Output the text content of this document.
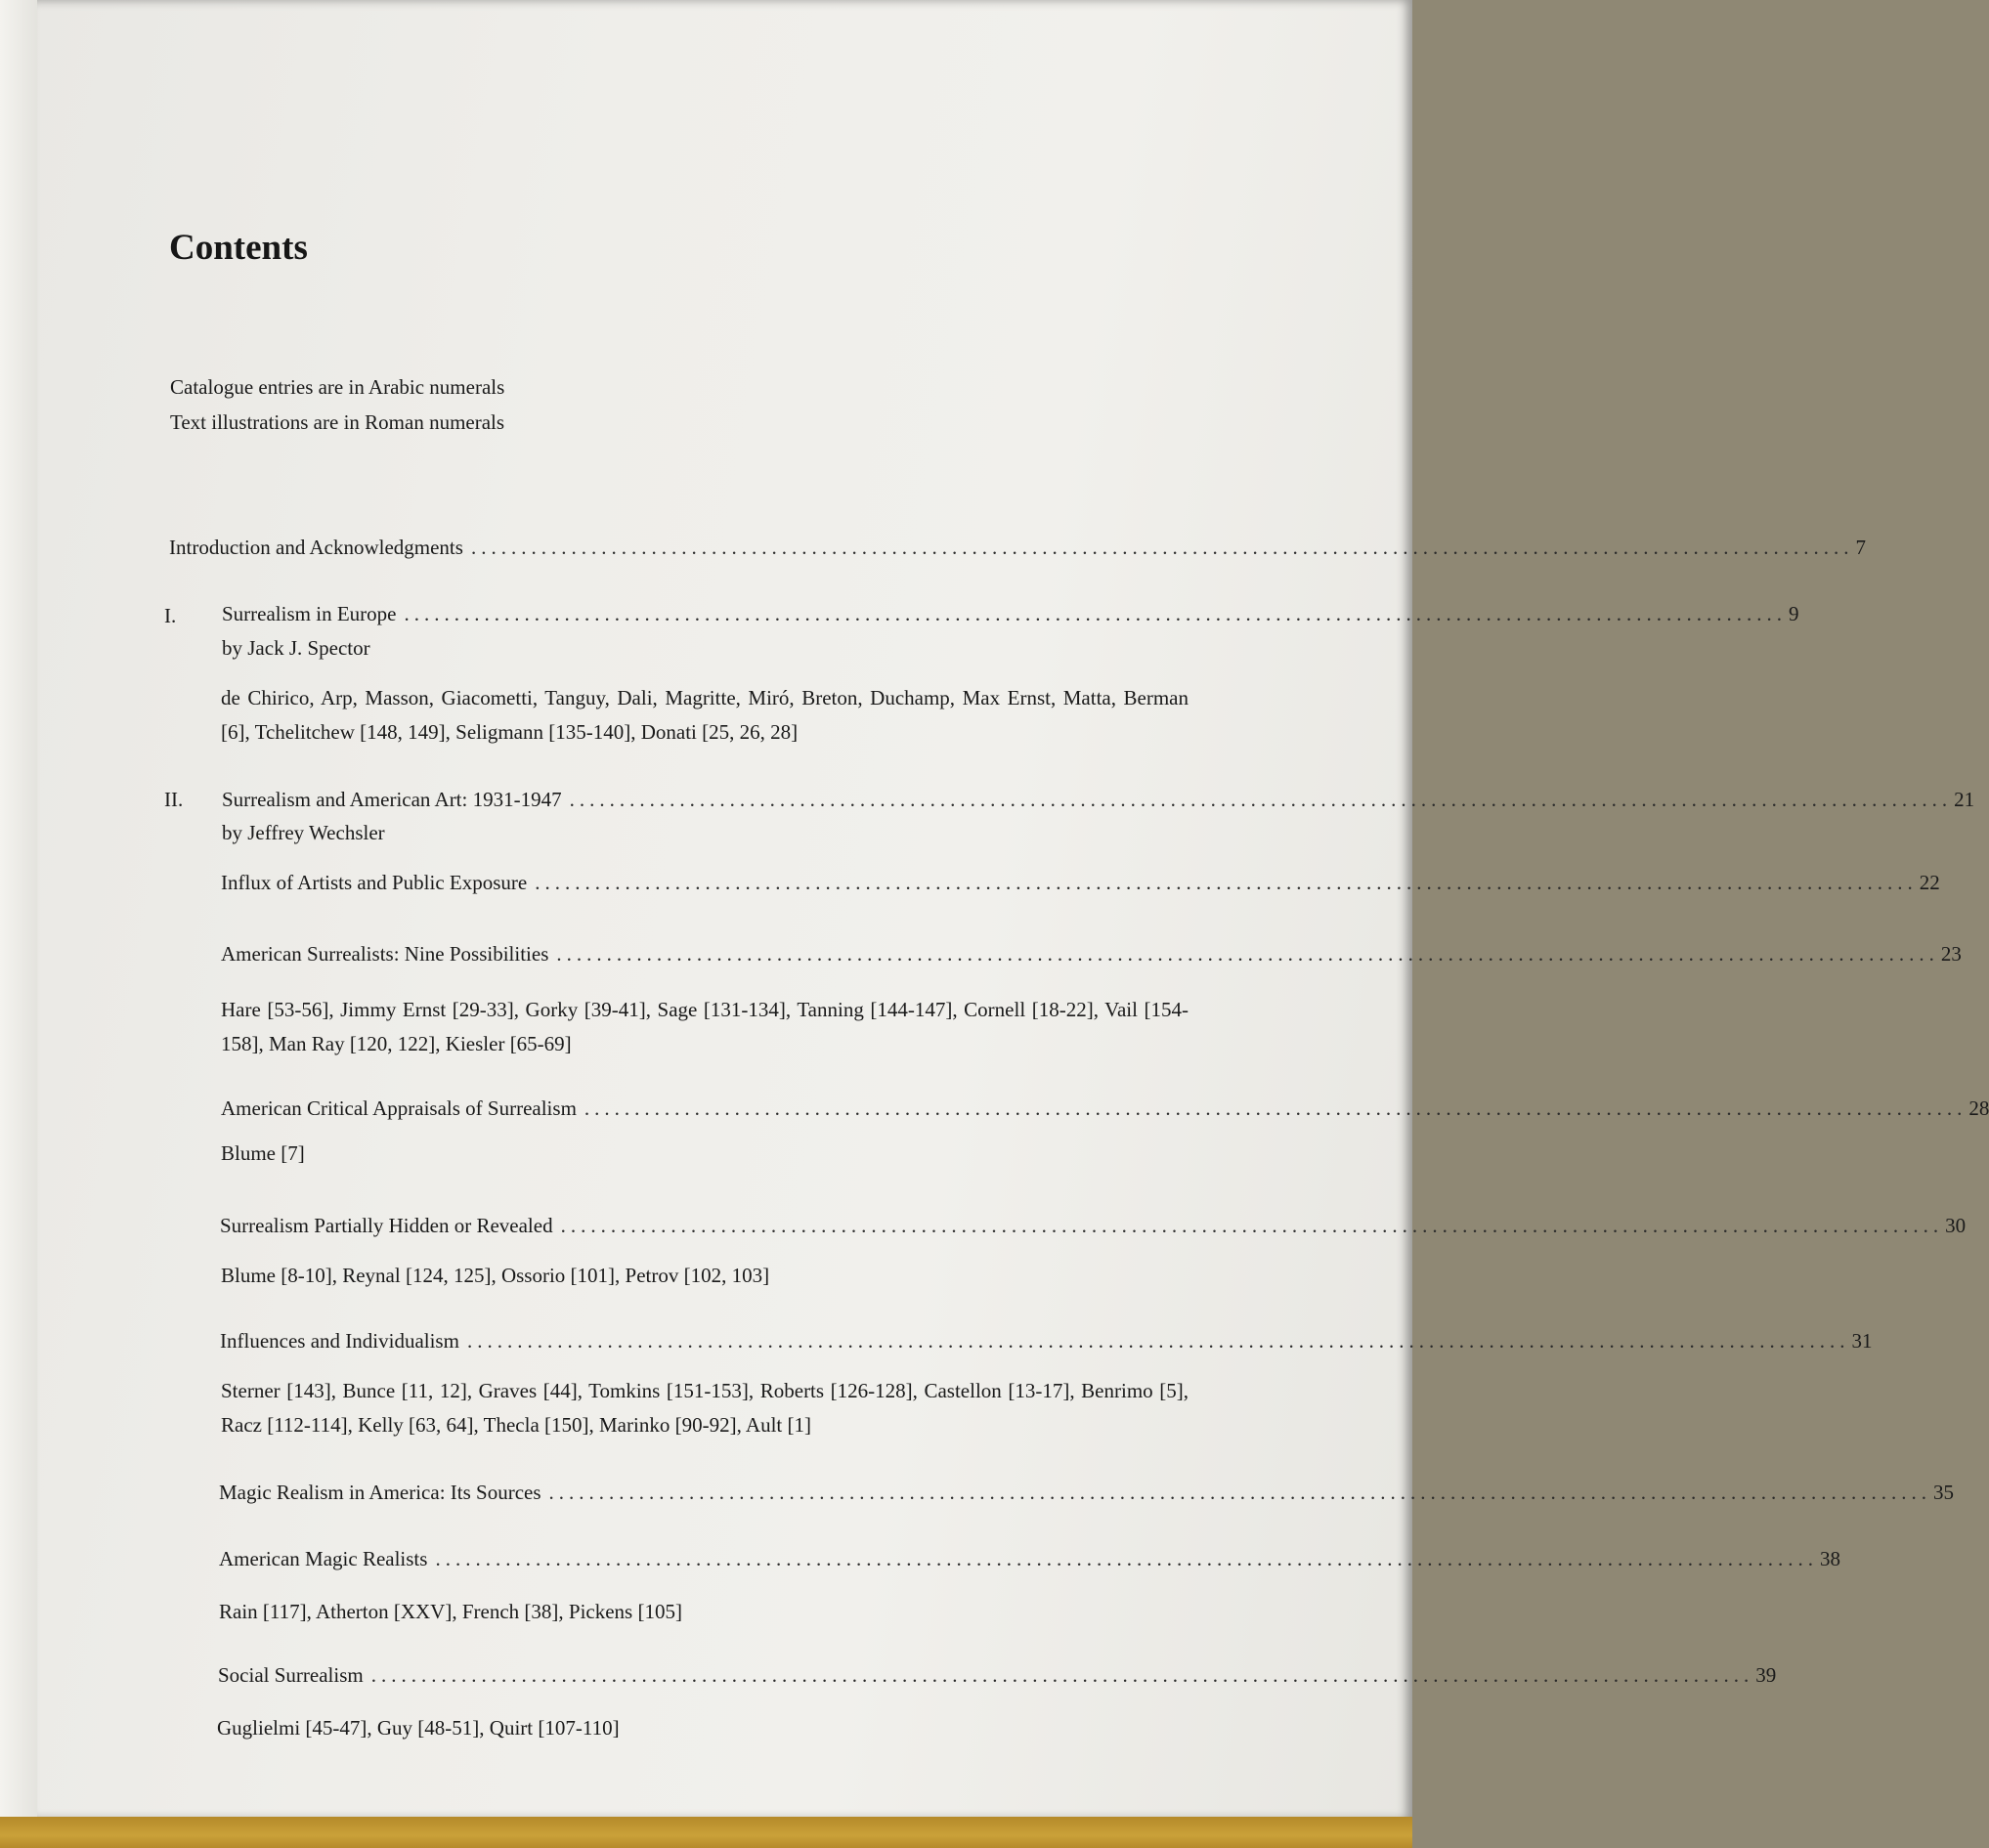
Contents
Catalogue entries are in Arabic numerals
Text illustrations are in Roman numerals
Introduction and Acknowledgments .......................................................................................................................................... 7
I. Surrealism in Europe .......................................................................................................................................... 9
by Jack J. Spector
de Chirico, Arp, Masson, Giacometti, Tanguy, Dali, Magritte, Miró, Breton, Duchamp, Max Ernst, Matta, Berman [6], Tchelitchew [148, 149], Seligmann [135-140], Donati [25, 26, 28]
II. Surrealism and American Art: 1931-1947 .......................................................................................................................................... 21
by Jeffrey Wechsler
Influx of Artists and Public Exposure .......................................................................................................................................... 22
American Surrealists: Nine Possibilities .......................................................................................................................................... 23
Hare [53-56], Jimmy Ernst [29-33], Gorky [39-41], Sage [131-134], Tanning [144-147], Cornell [18-22], Vail [154-158], Man Ray [120, 122], Kiesler [65-69]
American Critical Appraisals of Surrealism .......................................................................................................................................... 28
Blume [7]
Surrealism Partially Hidden or Revealed .......................................................................................................................................... 30
Blume [8-10], Reynal [124, 125], Ossorio [101], Petrov [102, 103]
Influences and Individualism .......................................................................................................................................... 31
Sterner [143], Bunce [11, 12], Graves [44], Tomkins [151-153], Roberts [126-128], Castellon [13-17], Benrimo [5], Racz [112-114], Kelly [63, 64], Thecla [150], Marinko [90-92], Ault [1]
Magic Realism in America: Its Sources .......................................................................................................................................... 35
American Magic Realists .......................................................................................................................................... 38
Rain [117], Atherton [XXV], French [38], Pickens [105]
Social Surrealism .......................................................................................................................................... 39
Guglielmi [45-47], Guy [48-51], Quirt [107-110]
